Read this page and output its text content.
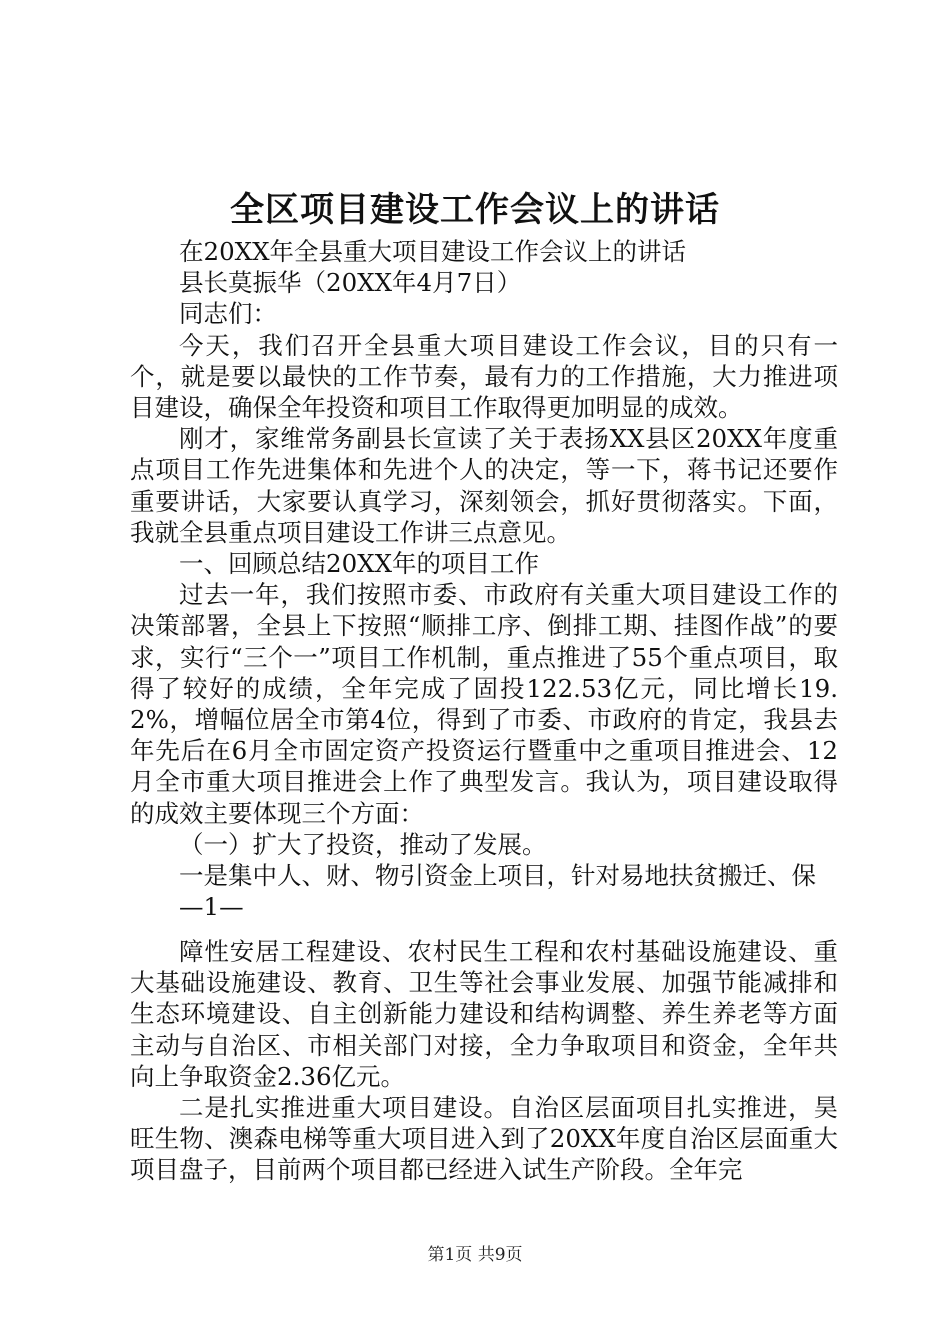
全区项目建设工作会议上的讲话

在20XX年全县重大项目建设工作会议上的讲话

县长莫振华（20XX年4月7日）

同志们：

今天，我们召开全县重大项目建设工作会议，目的只有一个，就是要以最快的工作节奏，最有力的工作措施，大力推进项目建设，确保全年投资和项目工作取得更加明显的成效。

刚才，家维常务副县长宣读了关于表扬XX县区20XX年度重点项目工作先进集体和先进个人的决定，等一下，蒋书记还要作重要讲话，大家要认真学习，深刻领会，抓好贯彻落实。下面，我就全县重点项目建设工作讲三点意见。

一、回顾总结20XX年的项目工作

过去一年，我们按照市委、市政府有关重大项目建设工作的决策部署，全县上下按照“顺排工序、倒排工期、挂图作战”的要求，实行“三个一”项目工作机制，重点推进了55个重点项目，取得了较好的成绩，全年完成了固投122.53亿元，同比增长19.2%，增幅位居全市第4位，得到了市委、市政府的肯定，我县去年先后在6月全市固定资产投资运行暨重中之重项目推进会、12月全市重大项目推进会上作了典型发言。我认为，项目建设取得的成效主要体现三个方面：

（一）扩大了投资，推动了发展。

一是集中人、财、物引资金上项目，针对易地扶贫搬迁、保

—1—

障性安居工程建设、农村民生工程和农村基础设施建设、重大基础设施建设、教育、卫生等社会事业发展、加强节能减排和生态环境建设、自主创新能力建设和结构调整、养生养老等方面主动与自治区、市相关部门对接，全力争取项目和资金，全年共向上争取资金2.36亿元。

二是扎实推进重大项目建设。自治区层面项目扎实推进，昊旺生物、澳森电梯等重大项目进入到了20XX年度自治区层面重大项目盘子，目前两个项目都已经进入试生产阶段。全年完

第1页 共9页
